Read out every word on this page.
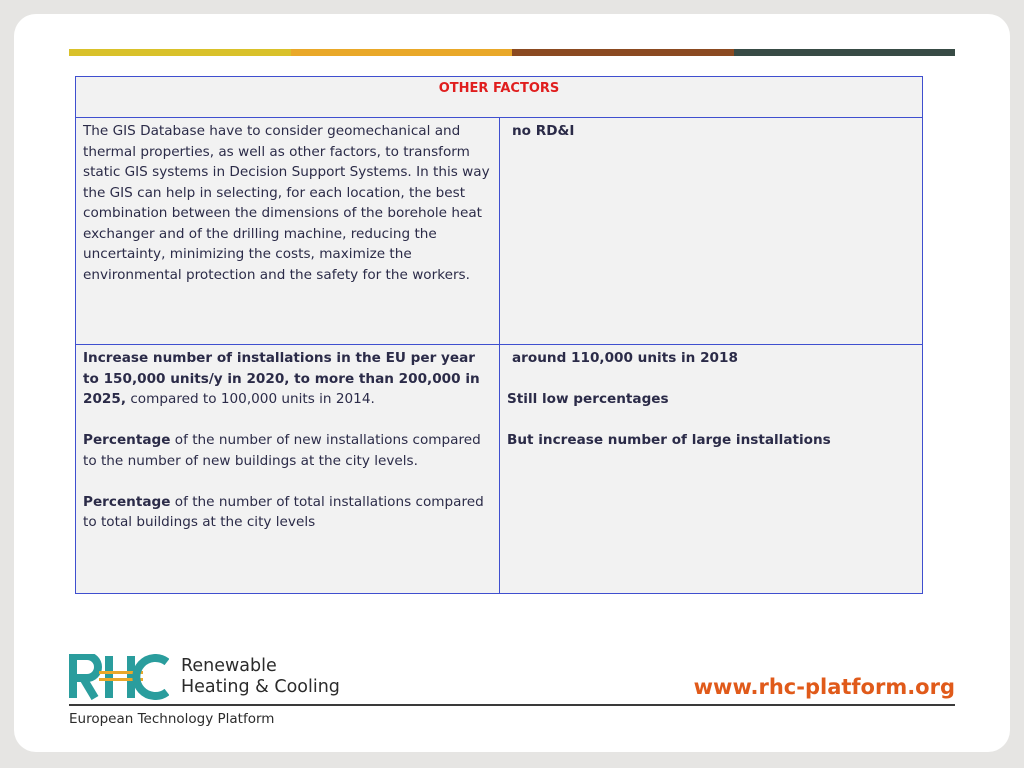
OTHER FACTORS

The GIS Database have to consider geomechanical and thermal properties, as well as other factors, to transform static GIS systems in Decision Support Systems. In this way the GIS can help in selecting, for each location, the best combination between the dimensions of the borehole heat exchanger and of the drilling machine, reducing the uncertainty, minimizing the costs, maximize the environmental protection and the safety for the workers.

no RD&I

Increase number of installations in the EU per year to 150,000 units/y in 2020, to more than 200,000 in 2025, compared to 100,000 units in 2014.

Percentage of the number of new installations compared to the number of new buildings at the city levels.

Percentage of the number of total installations compared to total buildings at the city levels

around 110,000 units in 2018

Still low percentages

But increase number of large installations

Renewable
Heating & Cooling
European Technology Platform
www.rhc-platform.org
